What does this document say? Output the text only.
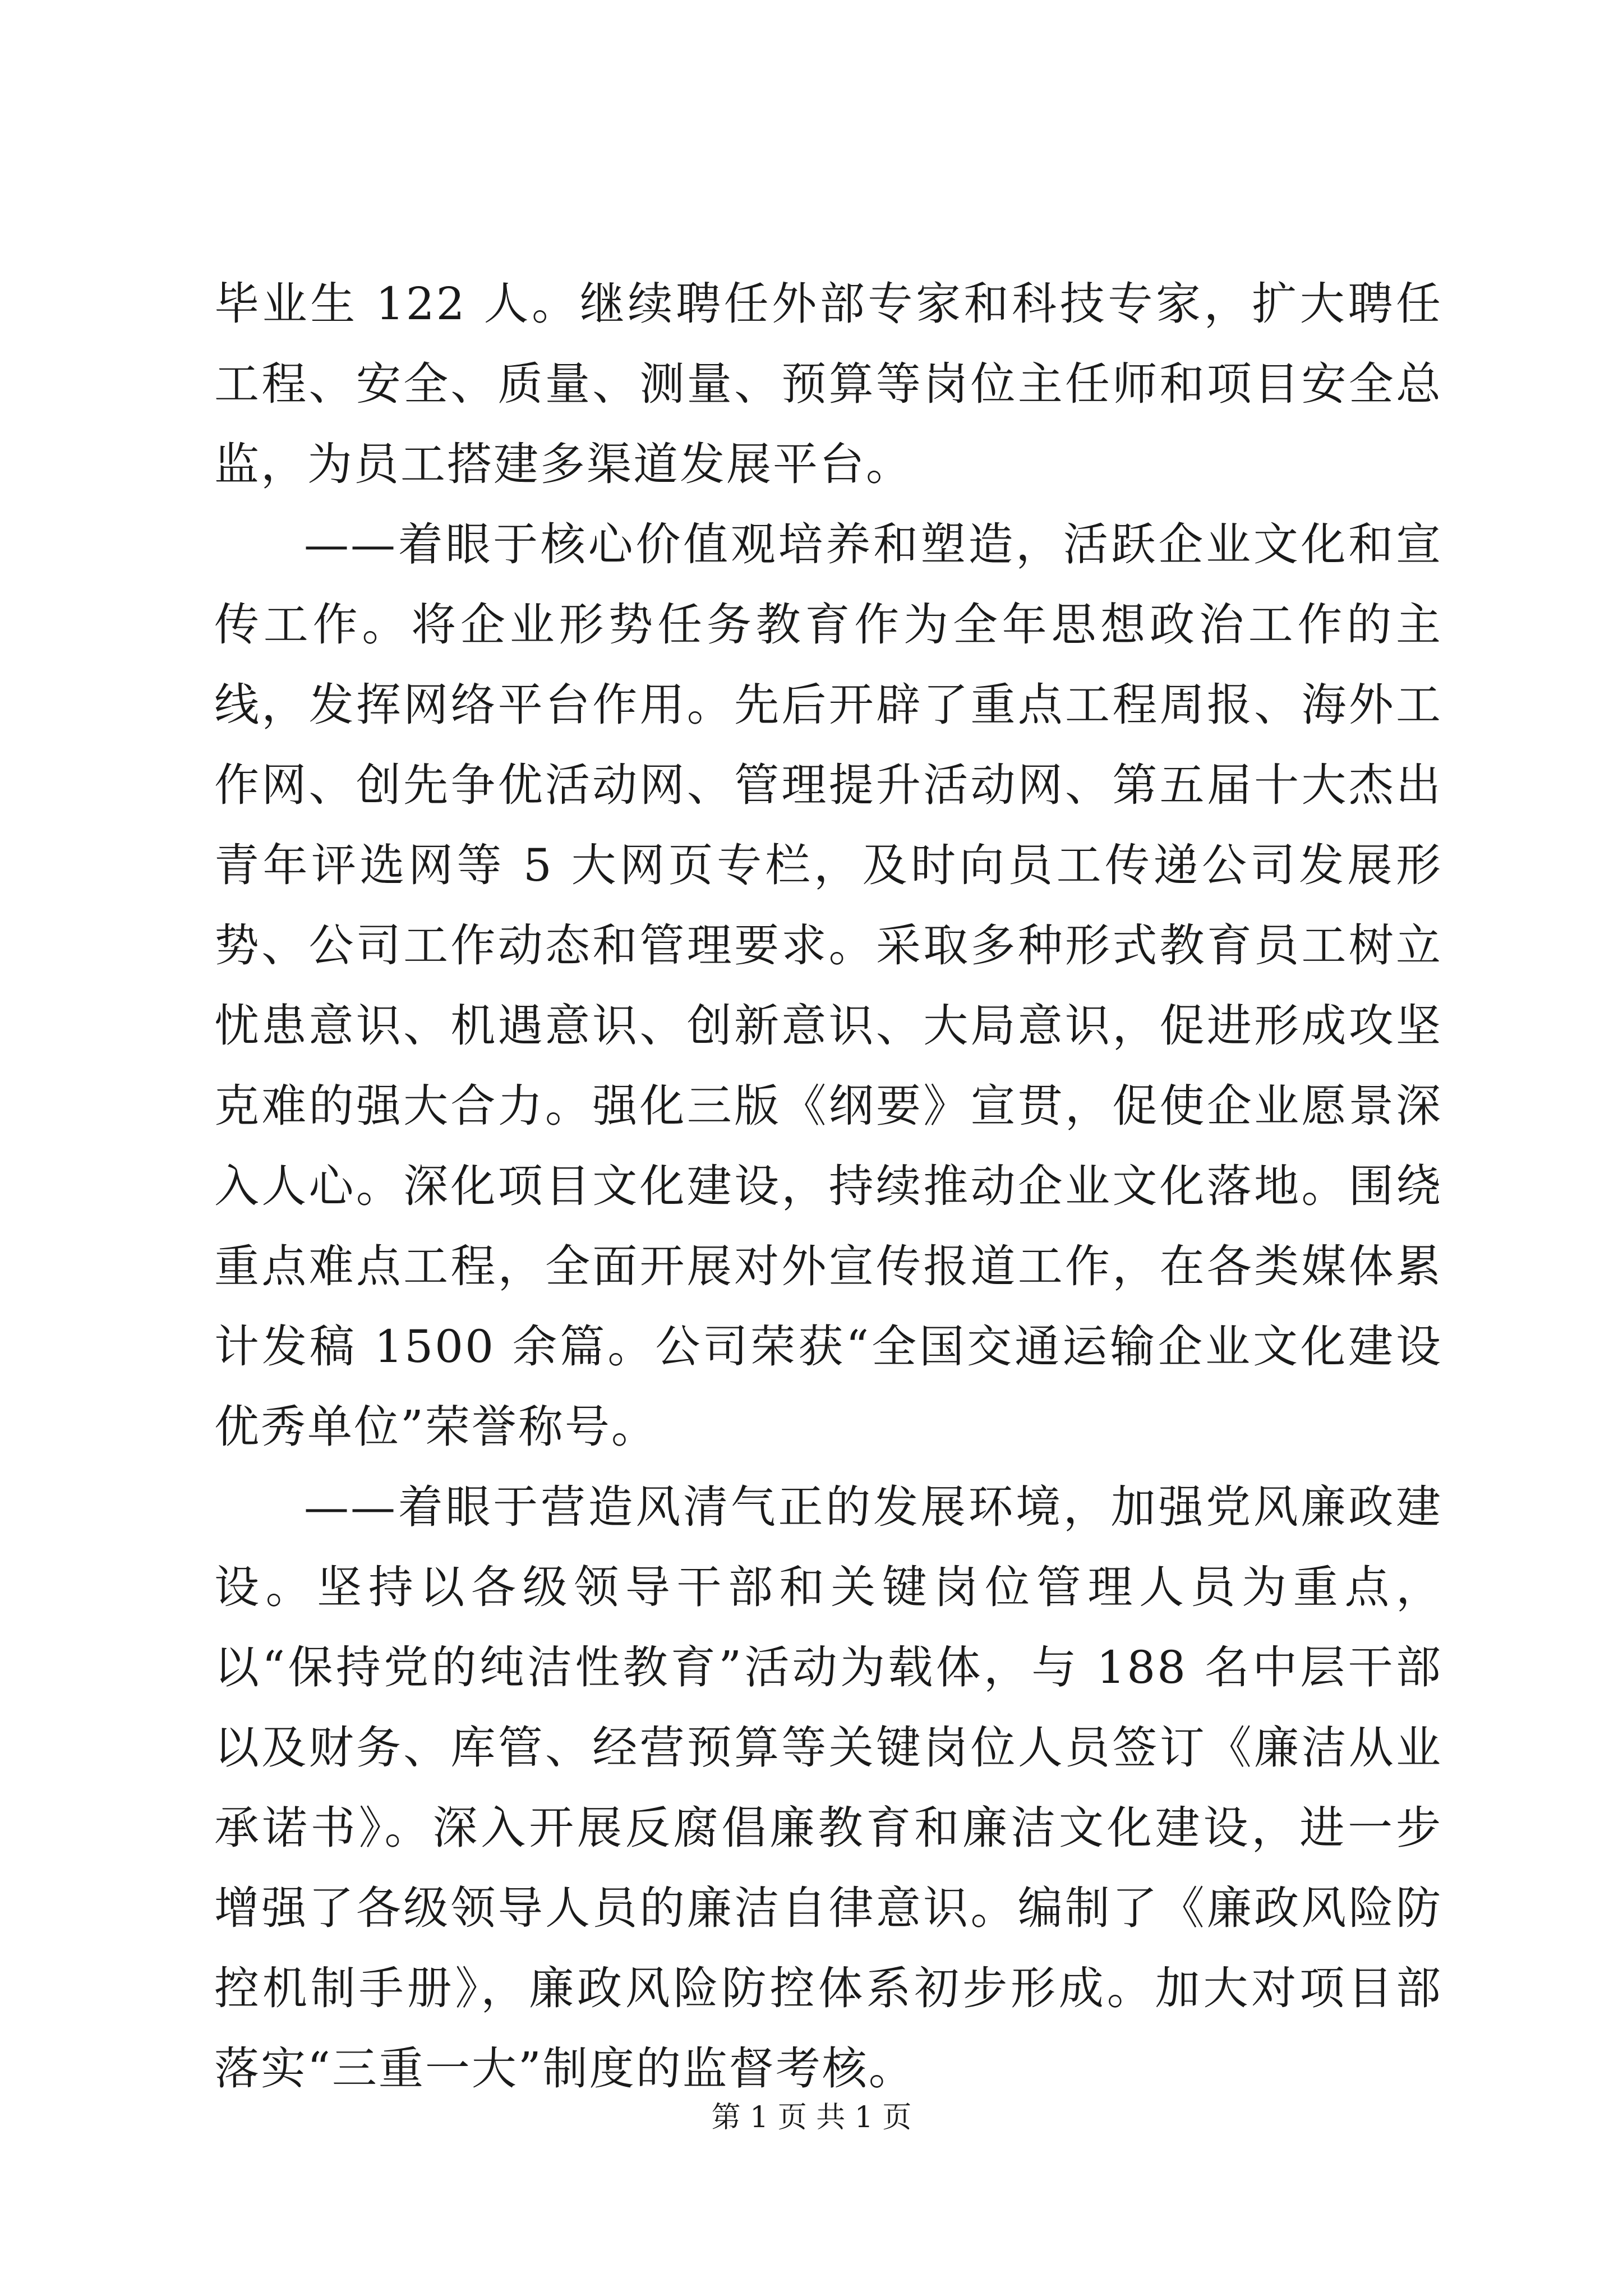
毕业生 122 人。继续聘任外部专家和科技专家，扩大聘任工程、安全、质量、测量、预算等岗位主任师和项目安全总监，为员工搭建多渠道发展平台。

——着眼于核心价值观培养和塑造，活跃企业文化和宣传工作。将企业形势任务教育作为全年思想政治工作的主线，发挥网络平台作用。先后开辟了重点工程周报、海外工作网、创先争优活动网、管理提升活动网、第五届十大杰出青年评选网等 5 大网页专栏，及时向员工传递公司发展形势、公司工作动态和管理要求。采取多种形式教育员工树立忧患意识、机遇意识、创新意识、大局意识，促进形成攻坚克难的强大合力。强化三版《纲要》宣贯，促使企业愿景深入人心。深化项目文化建设，持续推动企业文化落地。围绕重点难点工程，全面开展对外宣传报道工作，在各类媒体累计发稿 1500 余篇。公司荣获“全国交通运输企业文化建设优秀单位”荣誉称号。

——着眼于营造风清气正的发展环境，加强党风廉政建设。坚持以各级领导干部和关键岗位管理人员为重点，以“保持党的纯洁性教育”活动为载体，与 188 名中层干部以及财务、库管、经营预算等关键岗位人员签订《廉洁从业承诺书》。深入开展反腐倡廉教育和廉洁文化建设，进一步增强了各级领导人员的廉洁自律意识。编制了《廉政风险防控机制手册》，廉政风险防控体系初步形成。加大对项目部落实“三重一大”制度的监督考核。

第 1 页 共 1 页
